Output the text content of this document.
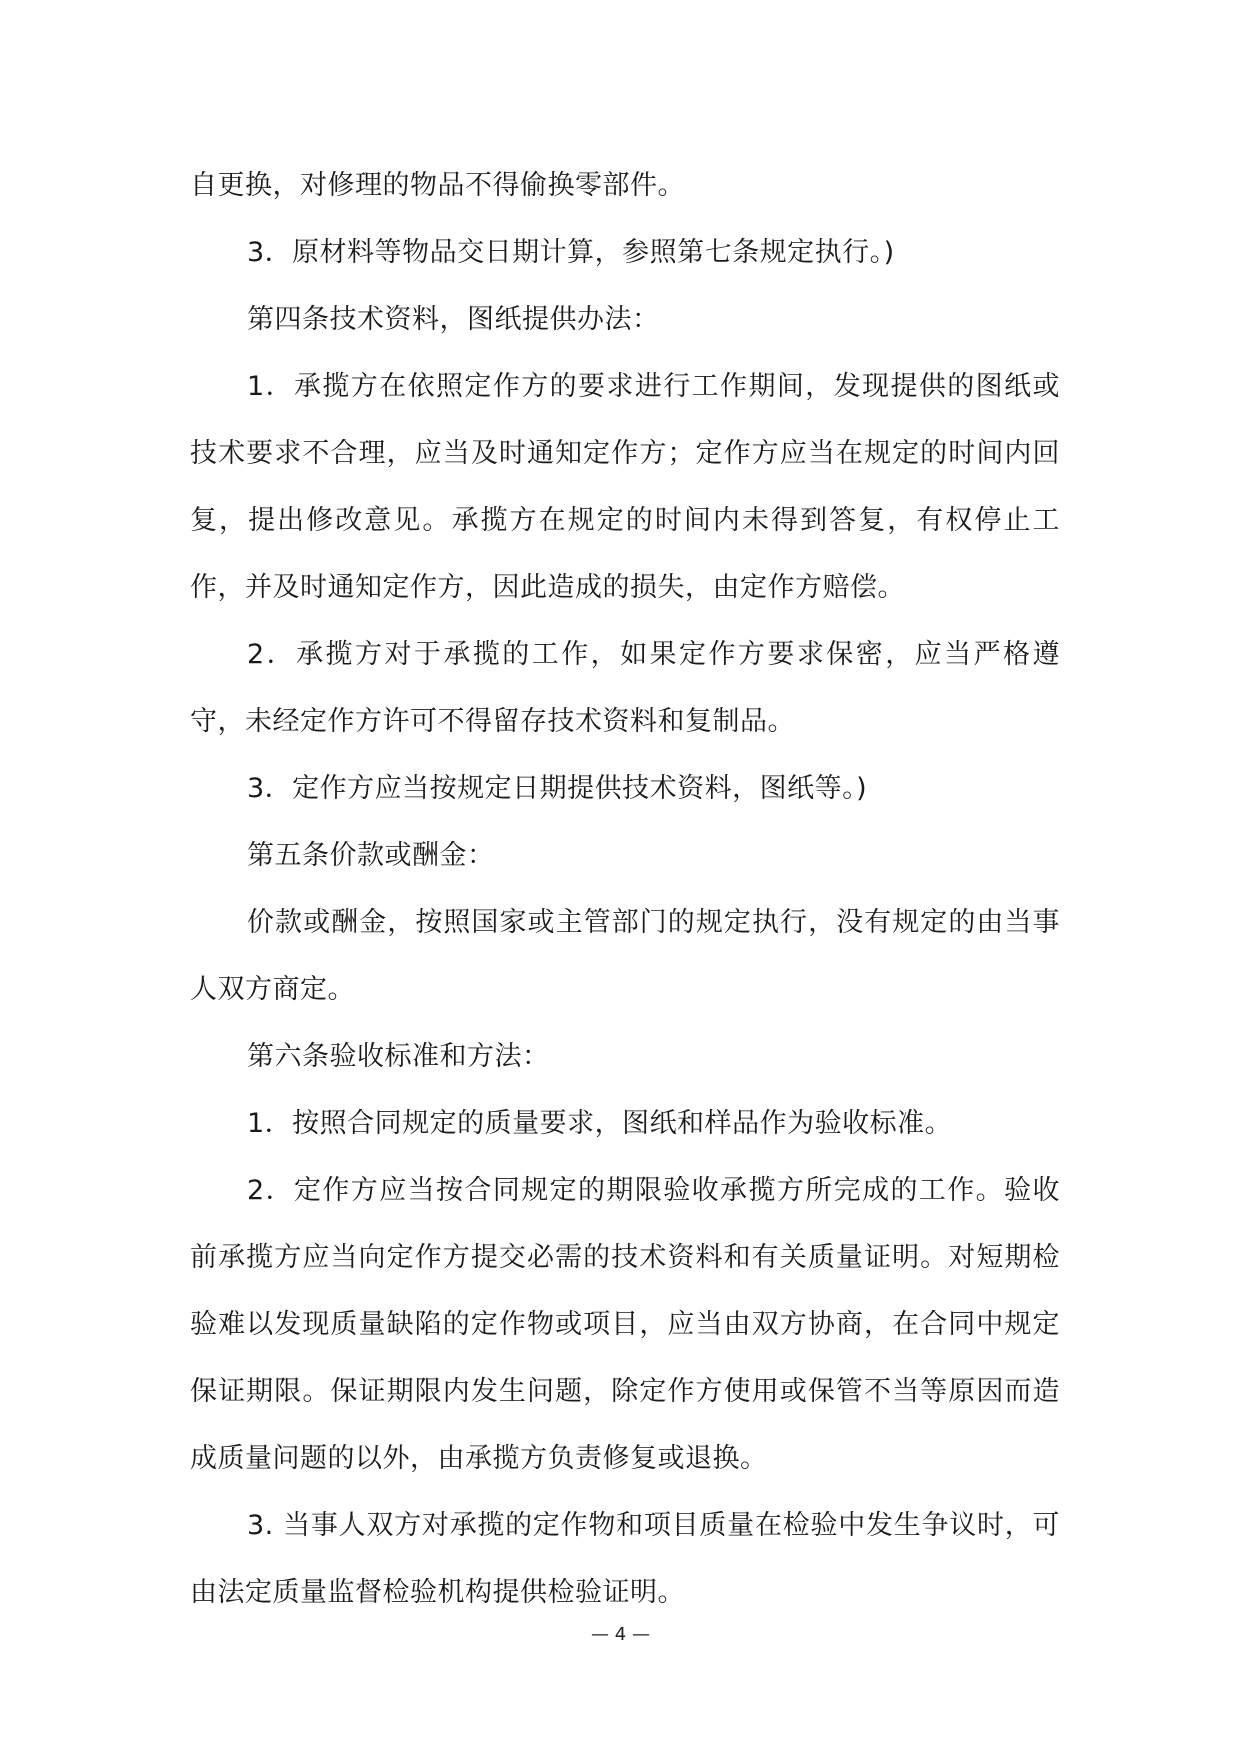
自更换，对修理的物品不得偷换零部件。

3．原材料等物品交日期计算，参照第七条规定执行。)

第四条技术资料，图纸提供办法：

1．承揽方在依照定作方的要求进行工作期间，发现提供的图纸或技术要求不合理，应当及时通知定作方；定作方应当在规定的时间内回复，提出修改意见。承揽方在规定的时间内未得到答复，有权停止工作，并及时通知定作方，因此造成的损失，由定作方赔偿。

2．承揽方对于承揽的工作，如果定作方要求保密，应当严格遵守，未经定作方许可不得留存技术资料和复制品。

3．定作方应当按规定日期提供技术资料，图纸等。)

第五条价款或酬金：

价款或酬金，按照国家或主管部门的规定执行，没有规定的由当事人双方商定。

第六条验收标准和方法：

1．按照合同规定的质量要求，图纸和样品作为验收标准。

2．定作方应当按合同规定的期限验收承揽方所完成的工作。验收前承揽方应当向定作方提交必需的技术资料和有关质量证明。对短期检验难以发现质量缺陷的定作物或项目，应当由双方协商，在合同中规定保证期限。保证期限内发生问题，除定作方使用或保管不当等原因而造成质量问题的以外，由承揽方负责修复或退换。

3. 当事人双方对承揽的定作物和项目质量在检验中发生争议时，可由法定质量监督检验机构提供检验证明。

— 4 —
